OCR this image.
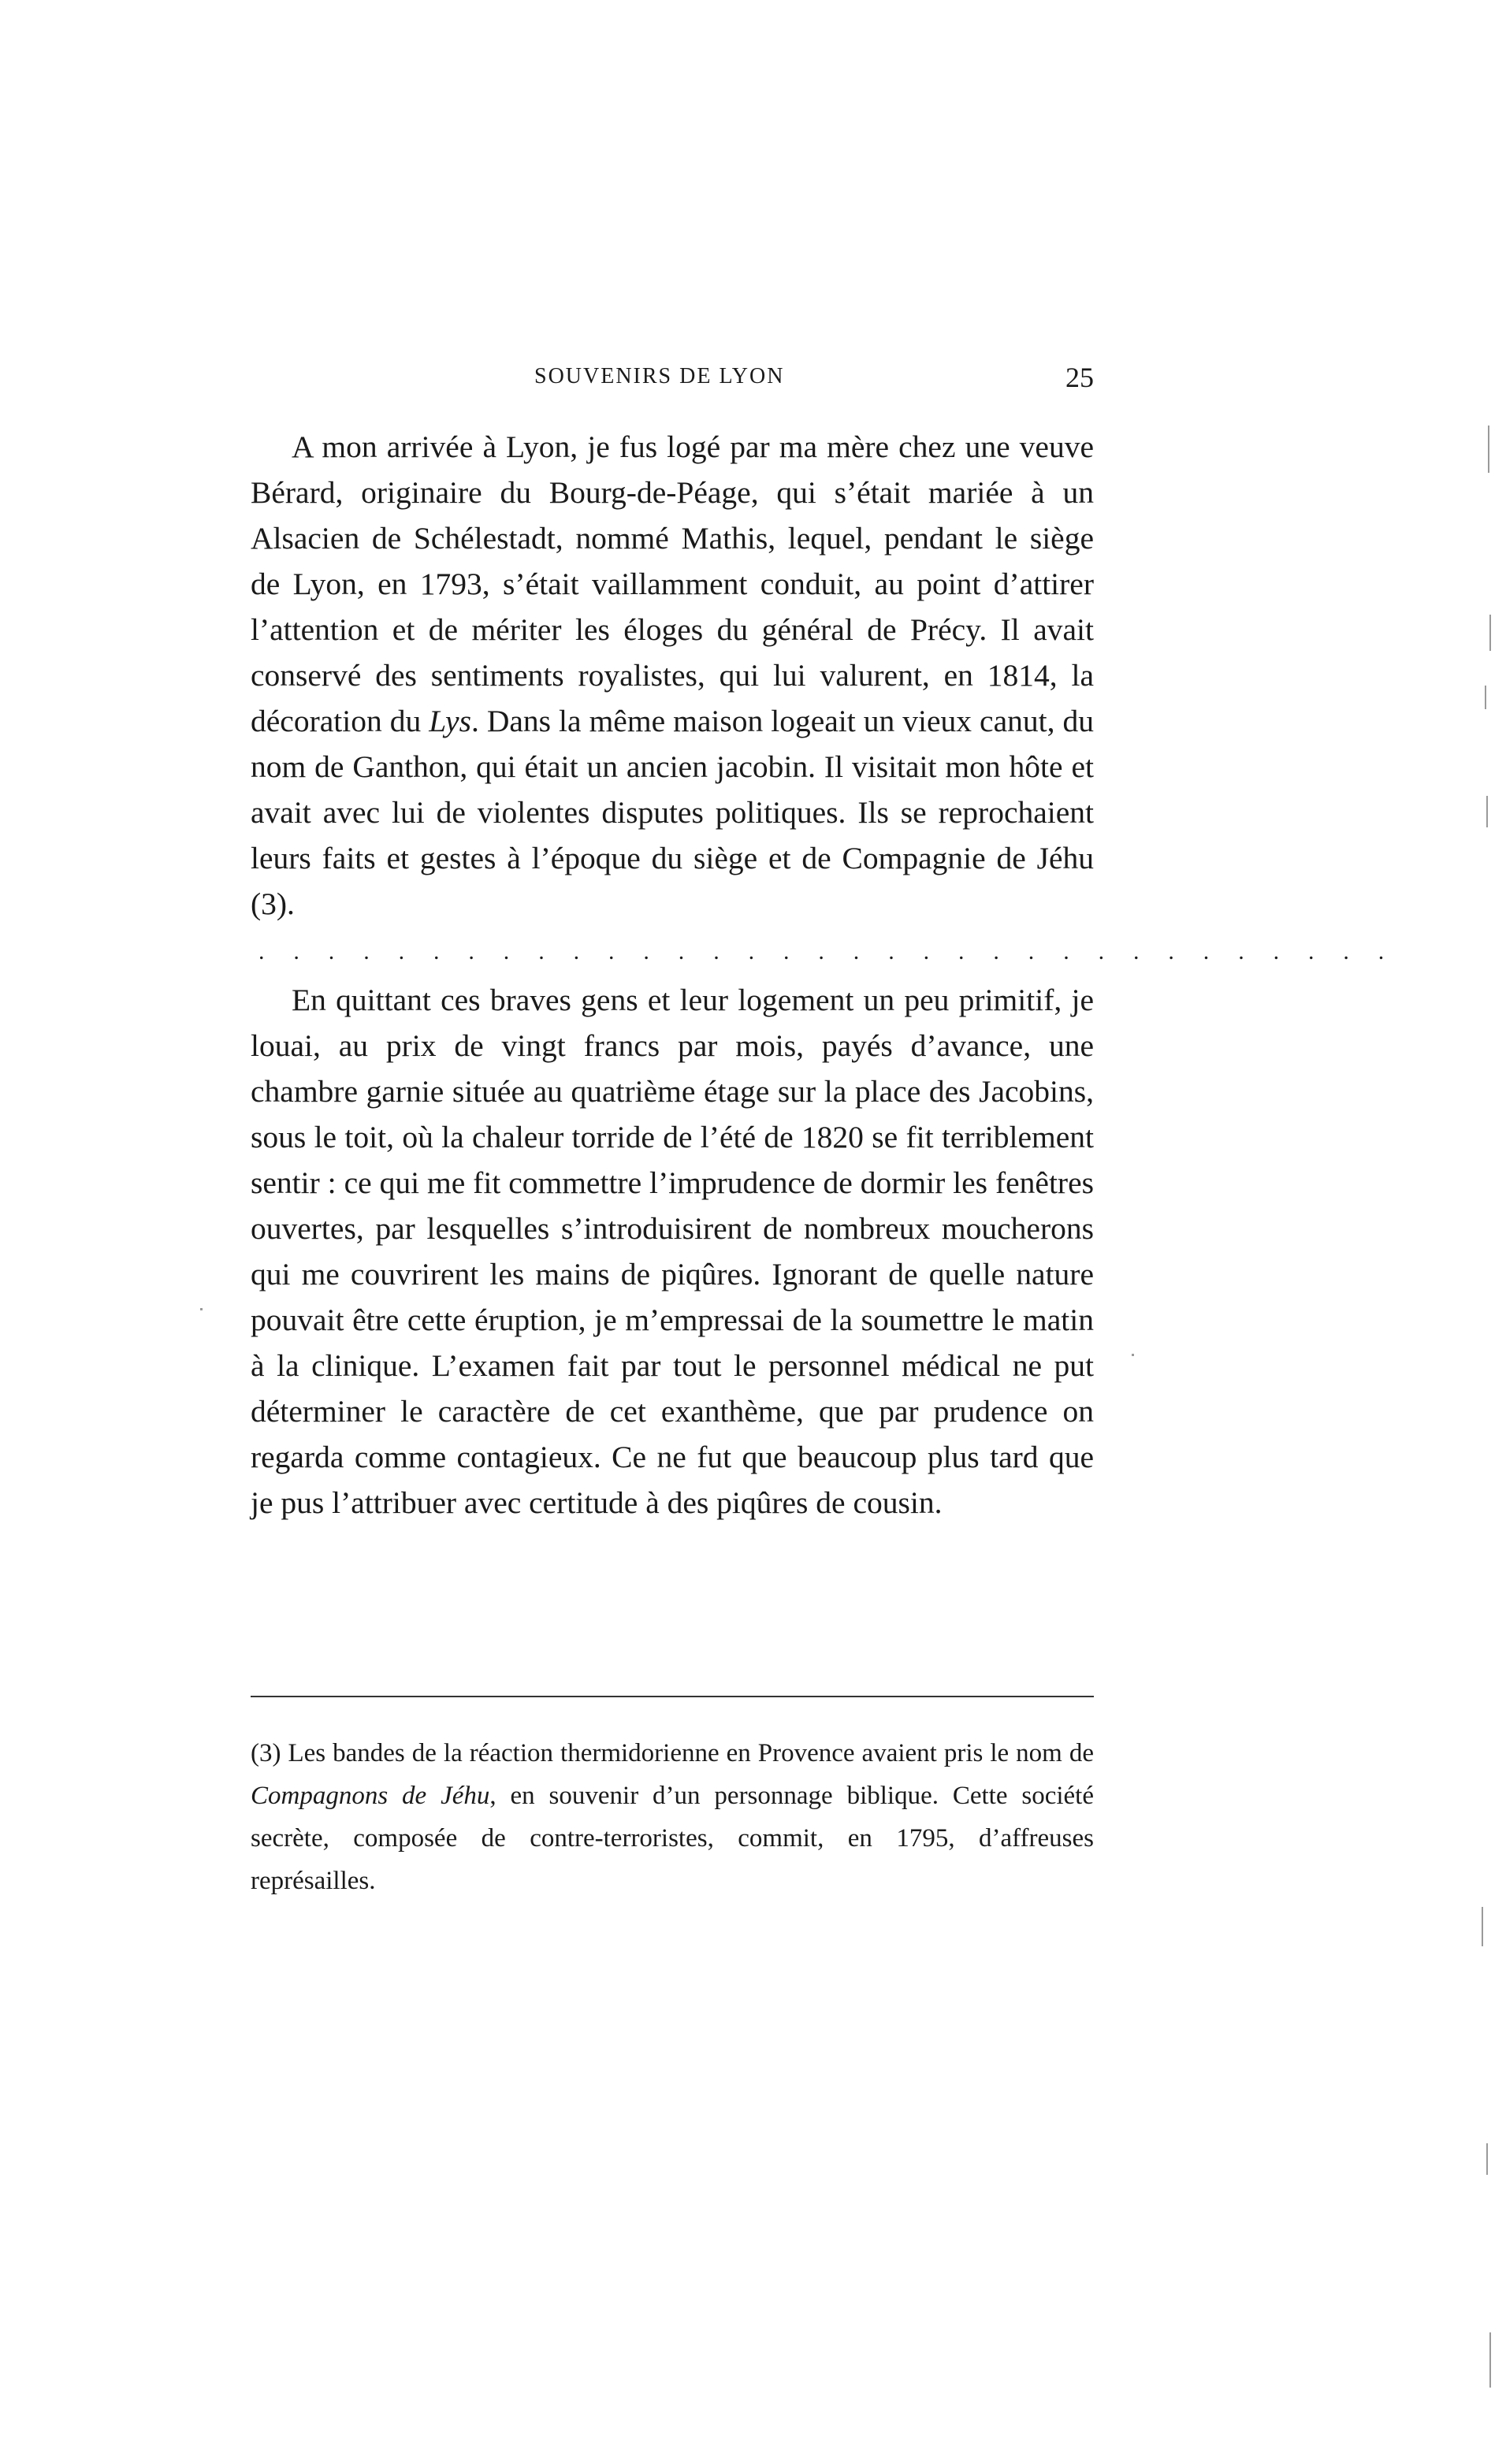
SOUVENIRS DE LYON	25

A mon arrivée à Lyon, je fus logé par ma mère chez une veuve Bérard, originaire du Bourg-de-Péage, qui s’était mariée à un Alsacien de Schélestadt, nommé Mathis, lequel, pendant le siège de Lyon, en 1793, s’était vaillamment conduit, au point d’attirer l’attention et de mériter les éloges du général de Précy. Il avait conservé des sentiments royalistes, qui lui valurent, en 1814, la décoration du Lys. Dans la même maison logeait un vieux canut, du nom de Ganthon, qui était un ancien jacobin. Il visitait mon hôte et avait avec lui de violentes disputes politiques. Ils se reprochaient leurs faits et gestes à l’époque du siège et de Compagnie de Jéhu (3).

. . . . . . . . . . . . . . . . . . . . . . . . . . . . . . . . .

En quittant ces braves gens et leur logement un peu primitif, je louai, au prix de vingt francs par mois, payés d’avance, une chambre garnie située au quatrième étage sur la place des Jacobins, sous le toit, où la chaleur torride de l’été de 1820 se fit terriblement sentir : ce qui me fit commettre l’imprudence de dormir les fenêtres ouvertes, par lesquelles s’introduisirent de nombreux moucherons qui me couvrirent les mains de piqûres. Ignorant de quelle nature pouvait être cette éruption, je m’empressai de la soumettre le matin à la clinique. L’examen fait par tout le personnel médical ne put déterminer le caractère de cet exanthème, que par prudence on regarda comme contagieux. Ce ne fut que beaucoup plus tard que je pus l’attribuer avec certitude à des piqûres de cousin.

(3) Les bandes de la réaction thermidorienne en Provence avaient pris le nom de Compagnons de Jéhu, en souvenir d’un personnage biblique. Cette société secrète, composée de contre-terroristes, commit, en 1795, d’affreuses représailles.
